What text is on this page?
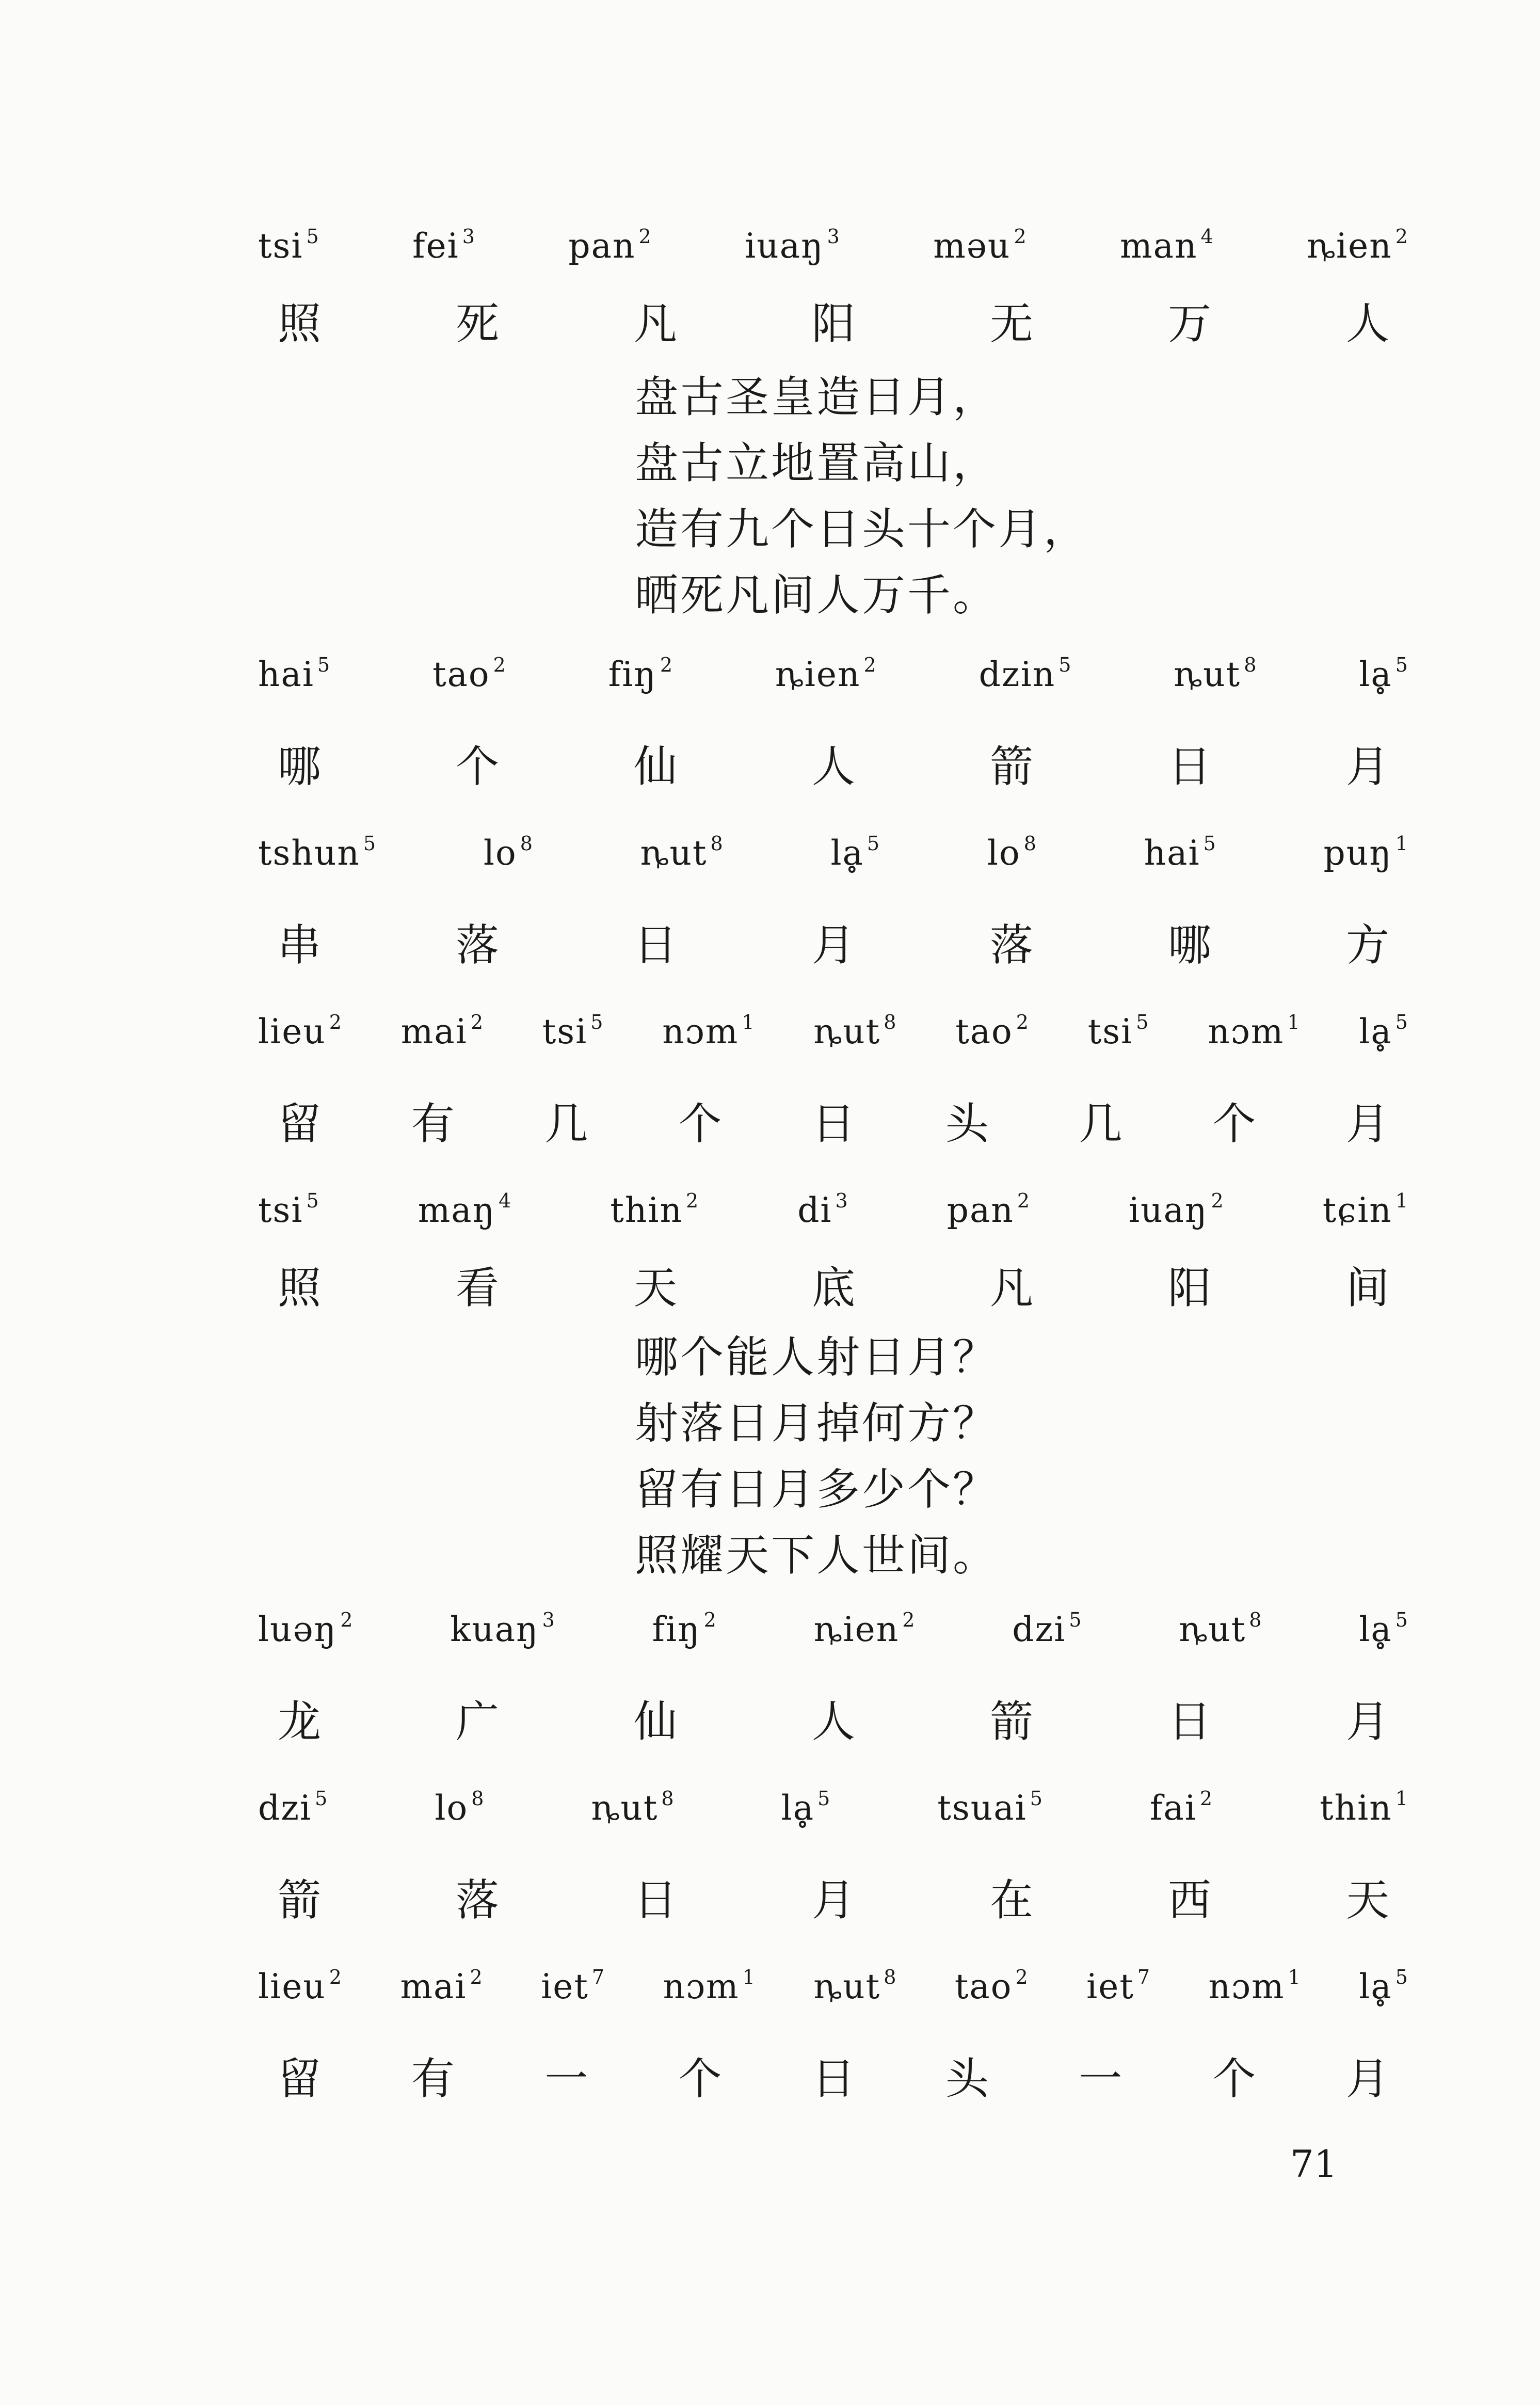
tsi $^5$	fei $^3$	pan $^2$	iuaŋ $^3$	məu $^2$	man $^4$	ȵien $^2$
照	死	凡	阳	无	万	人
盘古圣皇造日月，
盘古立地置高山，
造有九个日头十个月，
晒死凡间人万千。
hai $^5$	tao $^2$	fiŋ $^2$	ȵien $^2$	dzin $^5$	ȵut $^8$	lḁ $^5$
哪	个	仙	人	箭	日	月
tshun $^5$	lo $^8$	ȵut $^8$	lḁ $^5$	lo $^8$	hai $^5$	puŋ $^1$
串	落	日	月	落	哪	方
lieu $^2$ mai $^2$ tsi $^5$ nɔm $^1$ ȵut $^8$ tao $^2$ tsi $^5$ nɔm $^1$ lḁ $^5$
留	有	几	个	日	头	几	个	月
tsi $^5$	maŋ $^4$	thin $^2$	di $^3$	pan $^2$	iuaŋ $^2$	tɕin $^1$
照	看	天	底	凡	阳	间
哪个能人射日月？
射落日月掉何方？
留有日月多少个？
照耀天下人世间。
luəŋ $^2$	kuaŋ $^3$	fiŋ $^2$	ȵien $^2$	dzi $^5$	ȵut $^8$	lḁ $^5$
龙	广	仙	人	箭	日	月
dzi $^5$	lo $^8$	ȵut $^8$	lḁ $^5$	tsuai $^5$	fai $^2$	thin $^1$
箭	落	日	月	在	西	天
lieu $^2$ mai $^2$ iet $^7$ nɔm $^1$ ȵut $^8$ tao $^2$ iet $^7$ nɔm $^1$ lḁ $^5$
留	有	一	个	日	头	一	个	月
71
